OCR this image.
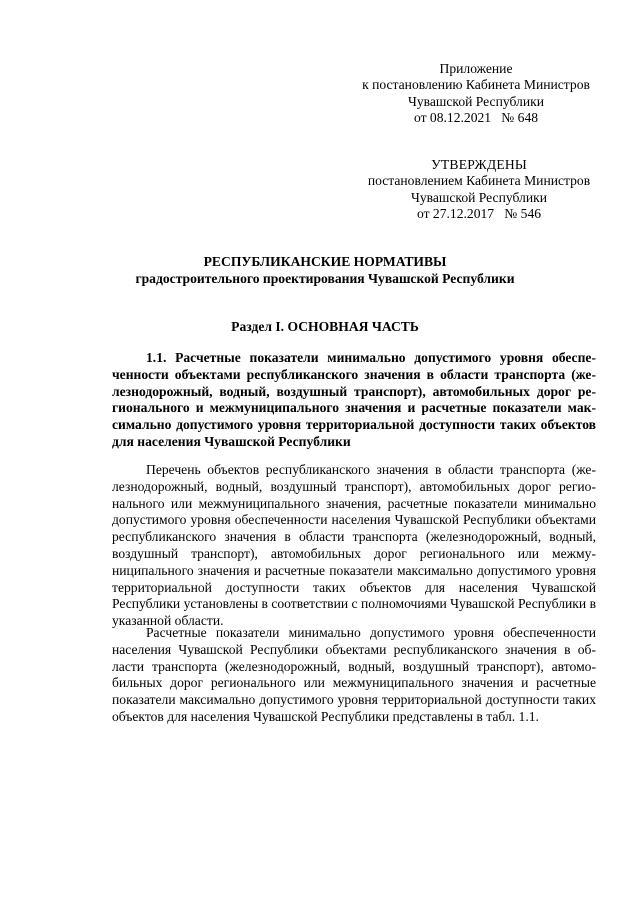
Приложение
к постановлению Кабинета Министров
Чувашской Республики
от 08.12.2021   № 648
УТВЕРЖДЕНЫ
постановлением Кабинета Министров
Чувашской Республики
от 27.12.2017   № 546
РЕСПУБЛИКАНСКИЕ НОРМАТИВЫ
градостроительного проектирования Чувашской Республики
Раздел I. ОСНОВНАЯ ЧАСТЬ
1.1. Расчетные показатели минимально допустимого уровня обеспеченности объектами республиканского значения в области транспорта (железнодорожный, водный, воздушный транспорт), автомобильных дорог регионального и межмуниципального значения и расчетные показатели максимально допустимого уровня территориальной доступности таких объектов для населения Чувашской Республики
Перечень объектов республиканского значения в области транспорта (железнодорожный, водный, воздушный транспорт), автомобильных дорог регионального или межмуниципального значения, расчетные показатели минимально допустимого уровня обеспеченности населения Чувашской Республики объектами республиканского значения в области транспорта (железнодорожный, водный, воздушный транспорт), автомобильных дорог регионального или межмуниципального значения и расчетные показатели максимально допустимого уровня территориальной доступности таких объектов для населения Чувашской Республики установлены в соответствии с полномочиями Чувашской Республики в указанной области.
Расчетные показатели минимально допустимого уровня обеспеченности населения Чувашской Республики объектами республиканского значения в области транспорта (железнодорожный, водный, воздушный транспорт), автомобильных дорог регионального или межмуниципального значения и расчетные показатели максимально допустимого уровня территориальной доступности таких объектов для населения Чувашской Республики представлены в табл. 1.1.
